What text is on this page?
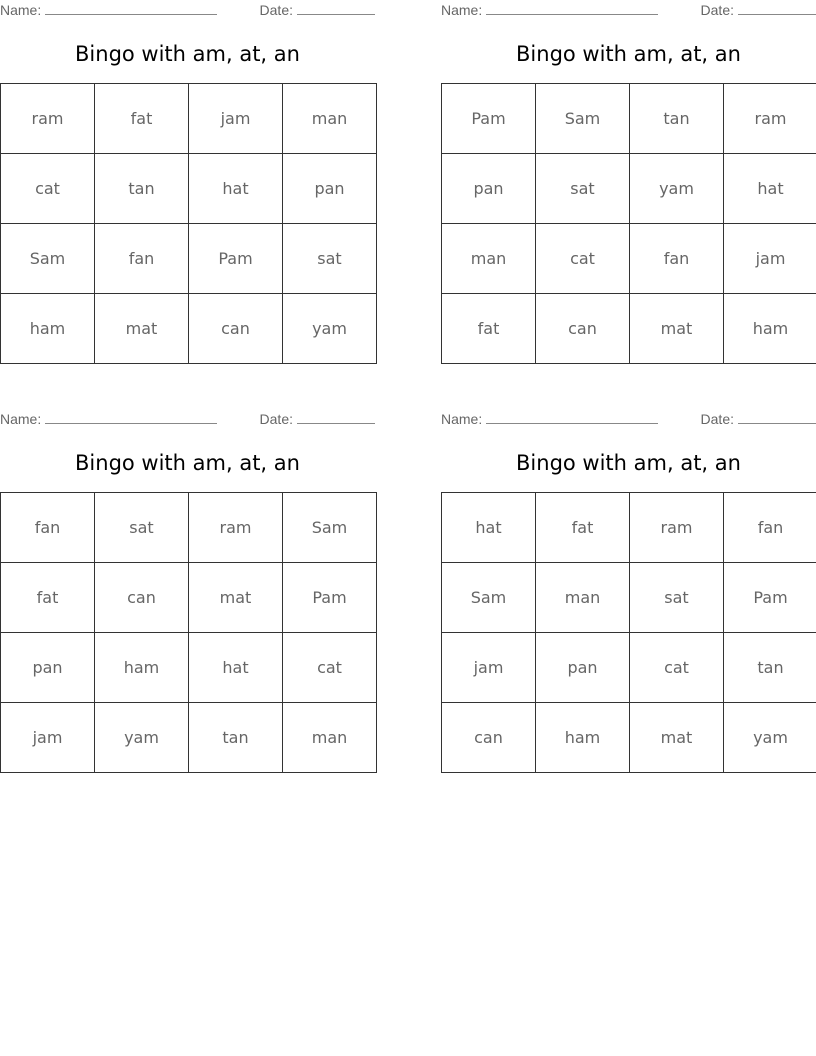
Name:	Date:
Bingo with am, at, an
ram	fat	jam	man
cat	tan	hat	pan
Sam	fan	Pam	sat
ham	mat	can	yam
Name:	Date:
Bingo with am, at, an
Pam	Sam	tan	ram
pan	sat	yam	hat
man	cat	fan	jam
fat	can	mat	ham
Name:	Date:
Bingo with am, at, an
fan	sat	ram	Sam
fat	can	mat	Pam
pan	ham	hat	cat
jam	yam	tan	man
Name:	Date:
Bingo with am, at, an
hat	fat	ram	fan
Sam	man	sat	Pam
jam	pan	cat	tan
can	ham	mat	yam
